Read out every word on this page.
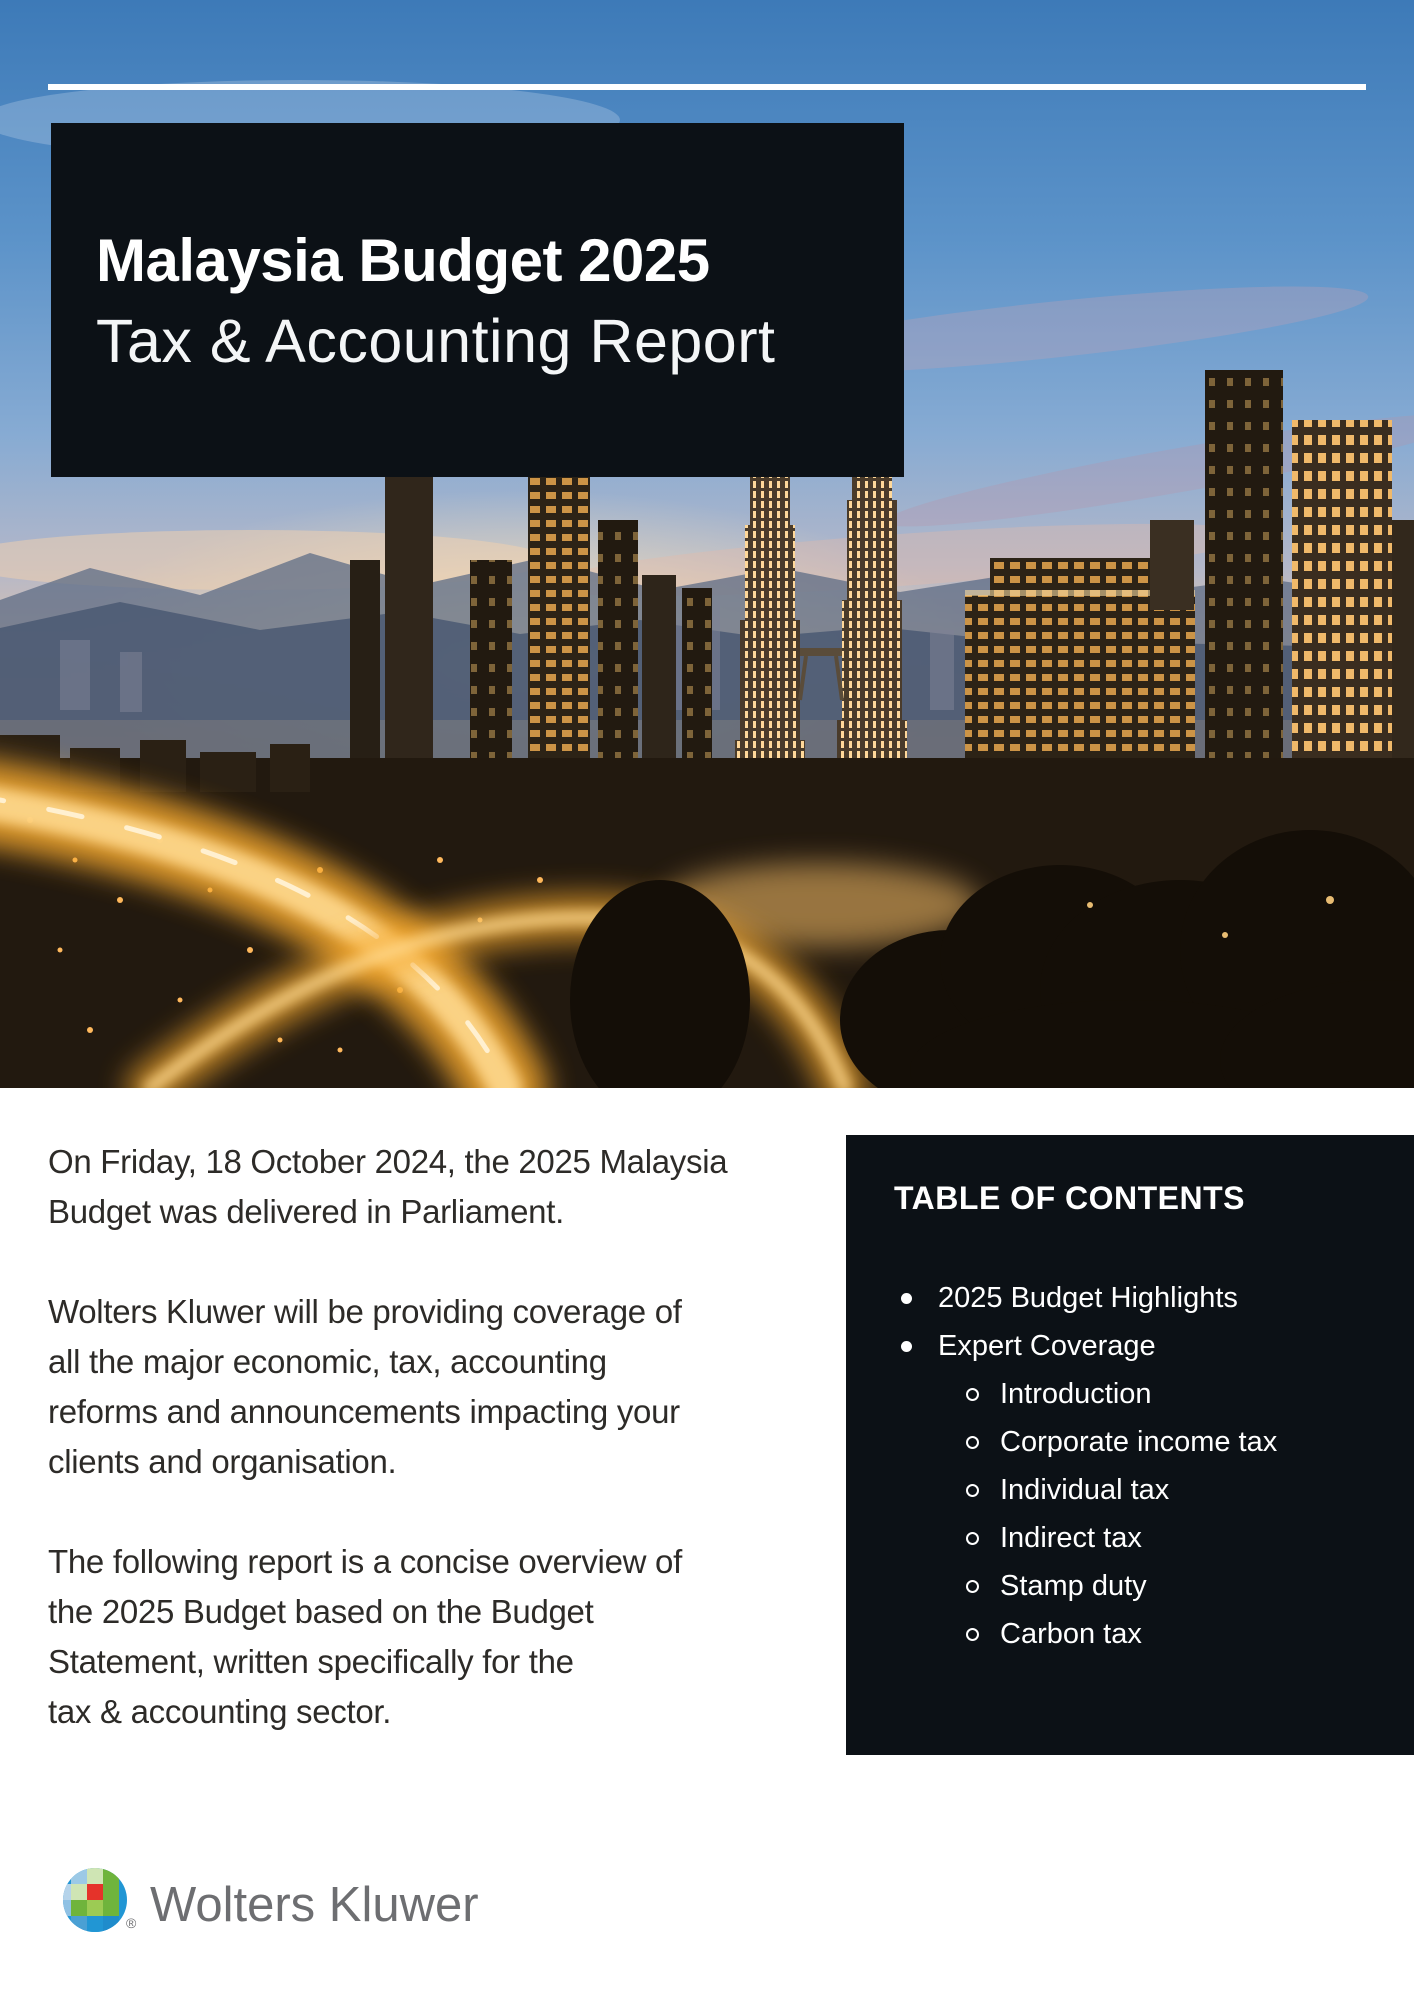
Malaysia Budget 2025
Tax & Accounting Report
On Friday, 18 October 2024, the 2025 Malaysia
Budget was delivered in Parliament.
Wolters Kluwer will be providing coverage of
all the major economic, tax, accounting
reforms and announcements impacting your
clients and organisation.
The following report is a concise overview of
the 2025 Budget based on the Budget
Statement, written specifically for the
tax & accounting sector.
TABLE OF CONTENTS
2025 Budget Highlights
Expert Coverage
Introduction
Corporate income tax
Individual tax
Indirect tax
Stamp duty
Carbon tax
® Wolters Kluwer
